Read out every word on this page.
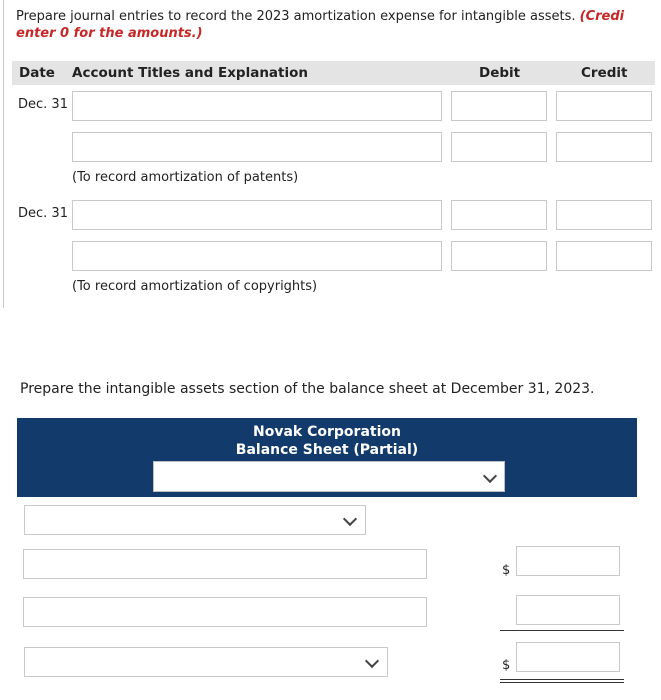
Prepare journal entries to record the 2023 amortization expense for intangible assets. (Credi
enter 0 for the amounts.)
Date Account Titles and Explanation	Debit	Credit
Dec. 31
(To record amortization of patents)
Dec. 31
(To record amortization of copyrights)
Prepare the intangible assets section of the balance sheet at December 31, 2023.
Novak Corporation
Balance Sheet (Partial)
$
$
